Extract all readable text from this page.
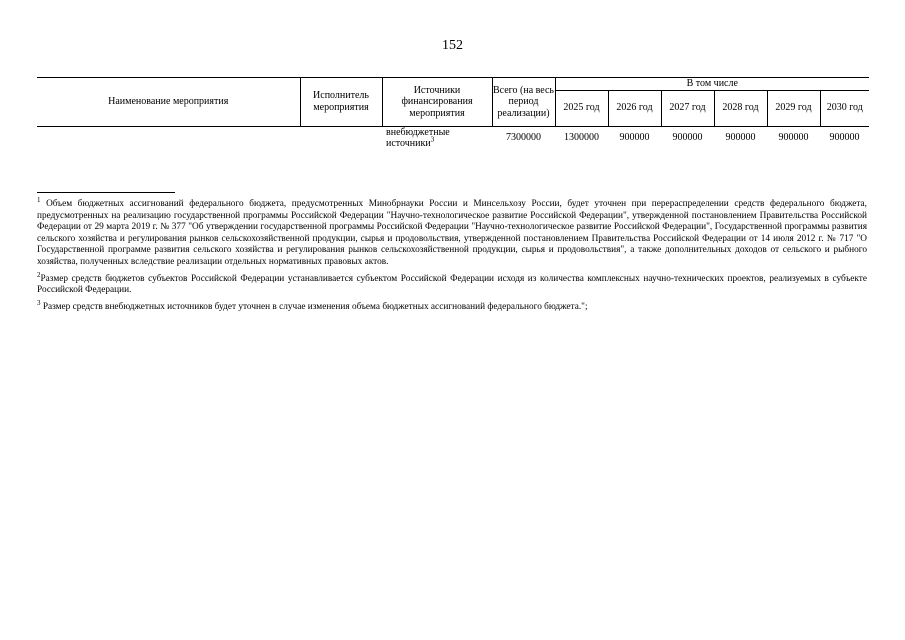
152
Наименование мероприятия	Исполнитель мероприятия	Источники финансирования мероприятия	Всего (на весь период реализации)	В том числе					
				2025 год	2026 год	2027 год	2028 год	2029 год	2030 год
		внебюджетные источники$^3$	7300000	1300000	900000	900000	900000	900000	900000

$^1$ Объем бюджетных ассигнований федерального бюджета, предусмотренных Минобрнауки России и Минсельхозу России, будет уточнен при перераспределении средств федерального бюджета, предусмотренных на реализацию государственной программы Российской Федерации "Научно-технологическое развитие Российской Федерации", утвержденной постановлением Правительства Российской Федерации от 29 марта 2019 г. № 377 "Об утверждении государственной программы Российской Федерации "Научно-технологическое развитие Российской Федерации", Государственной программы развития сельского хозяйства и регулирования рынков сельскохозяйственной продукции, сырья и продовольствия, утвержденной постановлением Правительства Российской Федерации от 14 июля 2012 г. № 717 "О Государственной программе развития сельского хозяйства и регулирования рынков сельскохозяйственной продукции, сырья и продовольствия", а также дополнительных доходов от сельского и рыбного хозяйства, полученных вследствие реализации отдельных нормативных правовых актов.

$^2$Размер средств бюджетов субъектов Российской Федерации устанавливается субъектом Российской Федерации исходя из количества комплексных научно-технических проектов, реализуемых в субъекте Российской Федерации.

$^3$ Размер средств внебюджетных источников будет уточнен в случае изменения объема бюджетных ассигнований федерального бюджета.";
